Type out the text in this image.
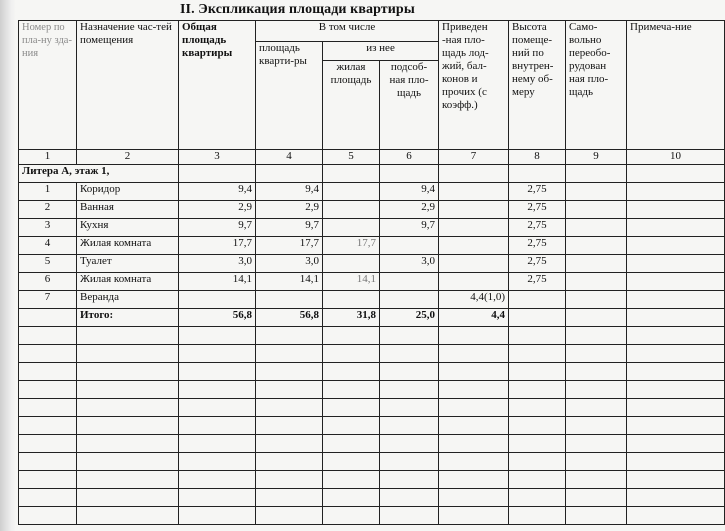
II. Экспликация площади квартиры
Номер по пла-ну зда-ния	Назначение час-тей помещения	Общая площадь квартиры	В том числе			Приведен -ная пло-щадь лод-жий, бал-конов и прочих (с коэфф.)	Высота помеще-ний по внутрен-нему об-меру	Само-вольно переобо-рудован ная пло-щадь	Примеча-ние
			площадь кварти-ры	из нее					
				жилая площадь	подсоб-ная пло-щадь				
1	2	3	4	5	6	7	8	9	10
Литера А, этаж 1,									
1	Коридор	9,4	9,4		9,4		2,75		
2	Ванная	2,9	2,9		2,9		2,75		
3	Кухня	9,7	9,7		9,7		2,75		
4	Жилая комната	17,7	17,7	17,7			2,75		
5	Туалет	3,0	3,0		3,0		2,75		
6	Жилая комната	14,1	14,1	14,1			2,75		
7	Веранда					4,4(1,0)			
	Итого:	56,8	56,8	31,8	25,0	4,4			
